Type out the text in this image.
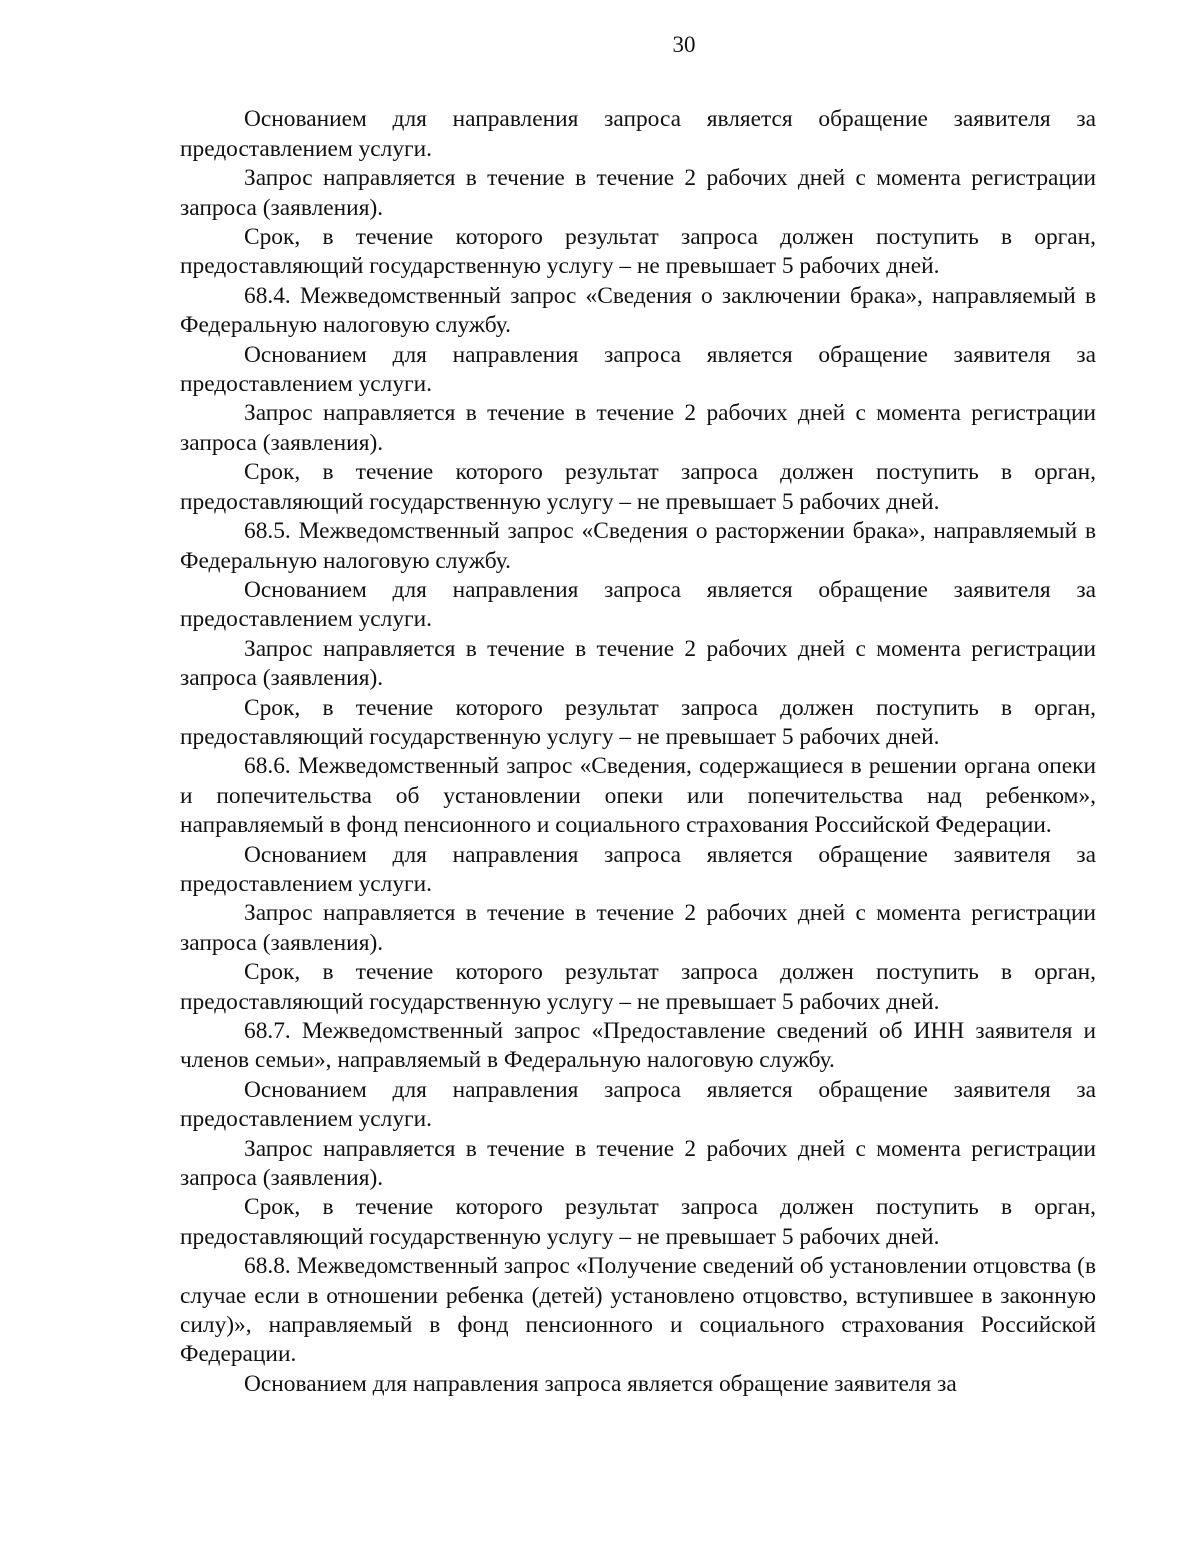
30

Основанием для направления запроса является обращение заявителя за предоставлением услуги.

Запрос направляется в течение в течение 2 рабочих дней с момента регистрации запроса (заявления).

Срок, в течение которого результат запроса должен поступить в орган, предоставляющий государственную услугу – не превышает 5 рабочих дней.

68.4. Межведомственный запрос «Сведения о заключении брака», направляемый в Федеральную налоговую службу.

Основанием для направления запроса является обращение заявителя за предоставлением услуги.

Запрос направляется в течение в течение 2 рабочих дней с момента регистрации запроса (заявления).

Срок, в течение которого результат запроса должен поступить в орган, предоставляющий государственную услугу – не превышает 5 рабочих дней.

68.5. Межведомственный запрос «Сведения о расторжении брака», направляемый в Федеральную налоговую службу.

Основанием для направления запроса является обращение заявителя за предоставлением услуги.

Запрос направляется в течение в течение 2 рабочих дней с момента регистрации запроса (заявления).

Срок, в течение которого результат запроса должен поступить в орган, предоставляющий государственную услугу – не превышает 5 рабочих дней.

68.6. Межведомственный запрос «Сведения, содержащиеся в решении органа опеки и попечительства об установлении опеки или попечительства над ребенком», направляемый в фонд пенсионного и социального страхования Российской Федерации.

Основанием для направления запроса является обращение заявителя за предоставлением услуги.

Запрос направляется в течение в течение 2 рабочих дней с момента регистрации запроса (заявления).

Срок, в течение которого результат запроса должен поступить в орган, предоставляющий государственную услугу – не превышает 5 рабочих дней.

68.7. Межведомственный запрос «Предоставление сведений об ИНН заявителя и членов семьи», направляемый в Федеральную налоговую службу.

Основанием для направления запроса является обращение заявителя за предоставлением услуги.

Запрос направляется в течение в течение 2 рабочих дней с момента регистрации запроса (заявления).

Срок, в течение которого результат запроса должен поступить в орган, предоставляющий государственную услугу – не превышает 5 рабочих дней.

68.8. Межведомственный запрос «Получение сведений об установлении отцовства (в случае если в отношении ребенка (детей) установлено отцовство, вступившее в законную силу)», направляемый в фонд пенсионного и социального страхования Российской Федерации.

Основанием для направления запроса является обращение заявителя за
